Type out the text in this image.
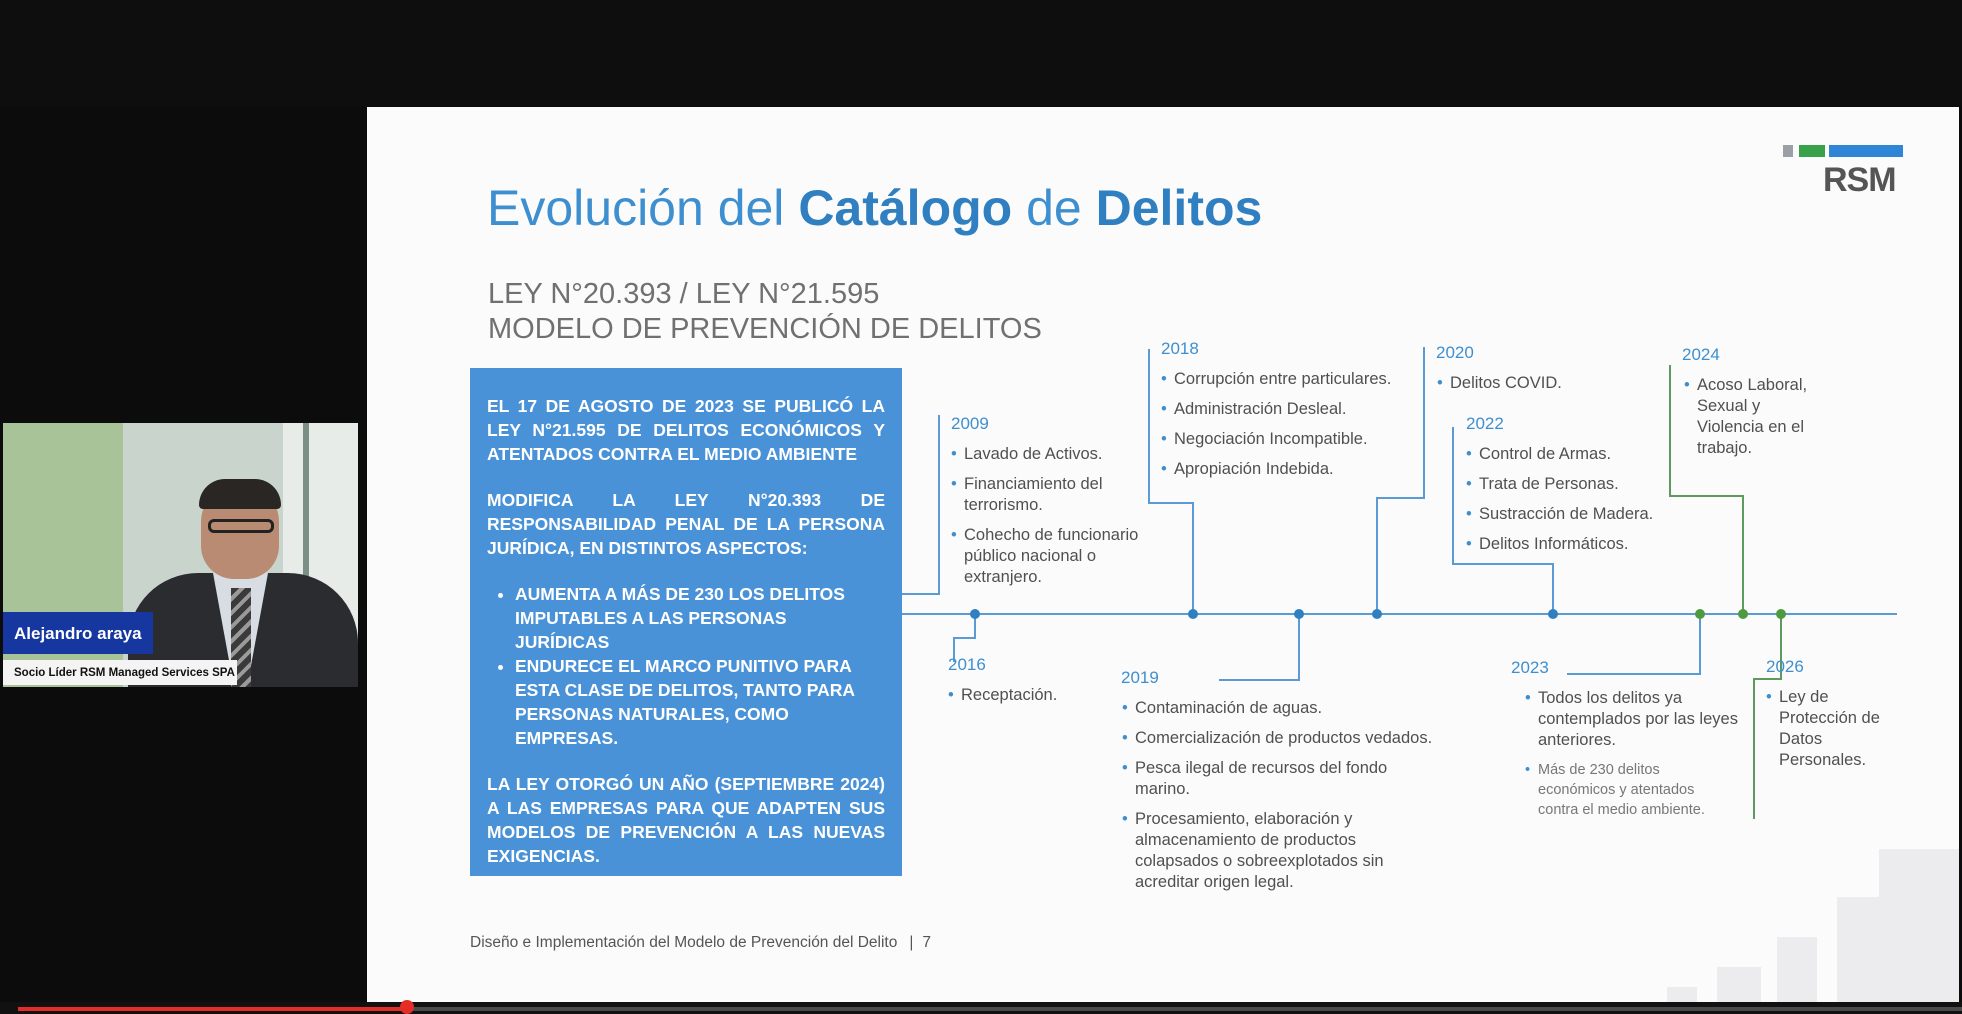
Evolución del Catálogo de Delitos
LEY N°20.393 / LEY N°21.595
MODELO DE PREVENCIÓN DE DELITOS
RSM

EL 17 DE AGOSTO DE 2023 SE PUBLICÓ LA LEY N°21.595 DE DELITOS ECONÓMICOS Y ATENTADOS CONTRA EL MEDIO AMBIENTE

MODIFICA LA LEY N°20.393 DE RESPONSABILIDAD PENAL DE LA PERSONA JURÍDICA, EN DISTINTOS ASPECTOS:

• AUMENTA A MÁS DE 230 LOS DELITOS IMPUTABLES A LAS PERSONAS JURÍDICAS
• ENDURECE EL MARCO PUNITIVO PARA ESTA CLASE DE DELITOS, TANTO PARA PERSONAS NATURALES, COMO EMPRESAS.

LA LEY OTORGÓ UN AÑO (SEPTIEMBRE 2024) A LAS EMPRESAS PARA QUE ADAPTEN SUS MODELOS DE PREVENCIÓN A LAS NUEVAS EXIGENCIAS.

2009
• Lavado de Activos.
• Financiamiento del terrorismo.
• Cohecho de funcionario público nacional o extranjero.
2016
• Receptación.
2018
• Corrupción entre particulares.
• Administración Desleal.
• Negociación Incompatible.
• Apropiación Indebida.
2019
• Contaminación de aguas.
• Comercialización de productos vedados.
• Pesca ilegal de recursos del fondo marino.
• Procesamiento, elaboración y almacenamiento de productos colapsados o sobreexplotados sin acreditar origen legal.
2020
• Delitos COVID.
2022
• Control de Armas.
• Trata de Personas.
• Sustracción de Madera.
• Delitos Informáticos.
2023
• Todos los delitos ya contemplados por las leyes anteriores.
• Más de 230 delitos económicos y atentados contra el medio ambiente.
2024
• Acoso Laboral, Sexual y Violencia en el trabajo.
2026
• Ley de Protección de Datos Personales.
Diseño e Implementación del Modelo de Prevención del Delito | 7
Alejandro araya
Socio Líder RSM Managed Services SPA
